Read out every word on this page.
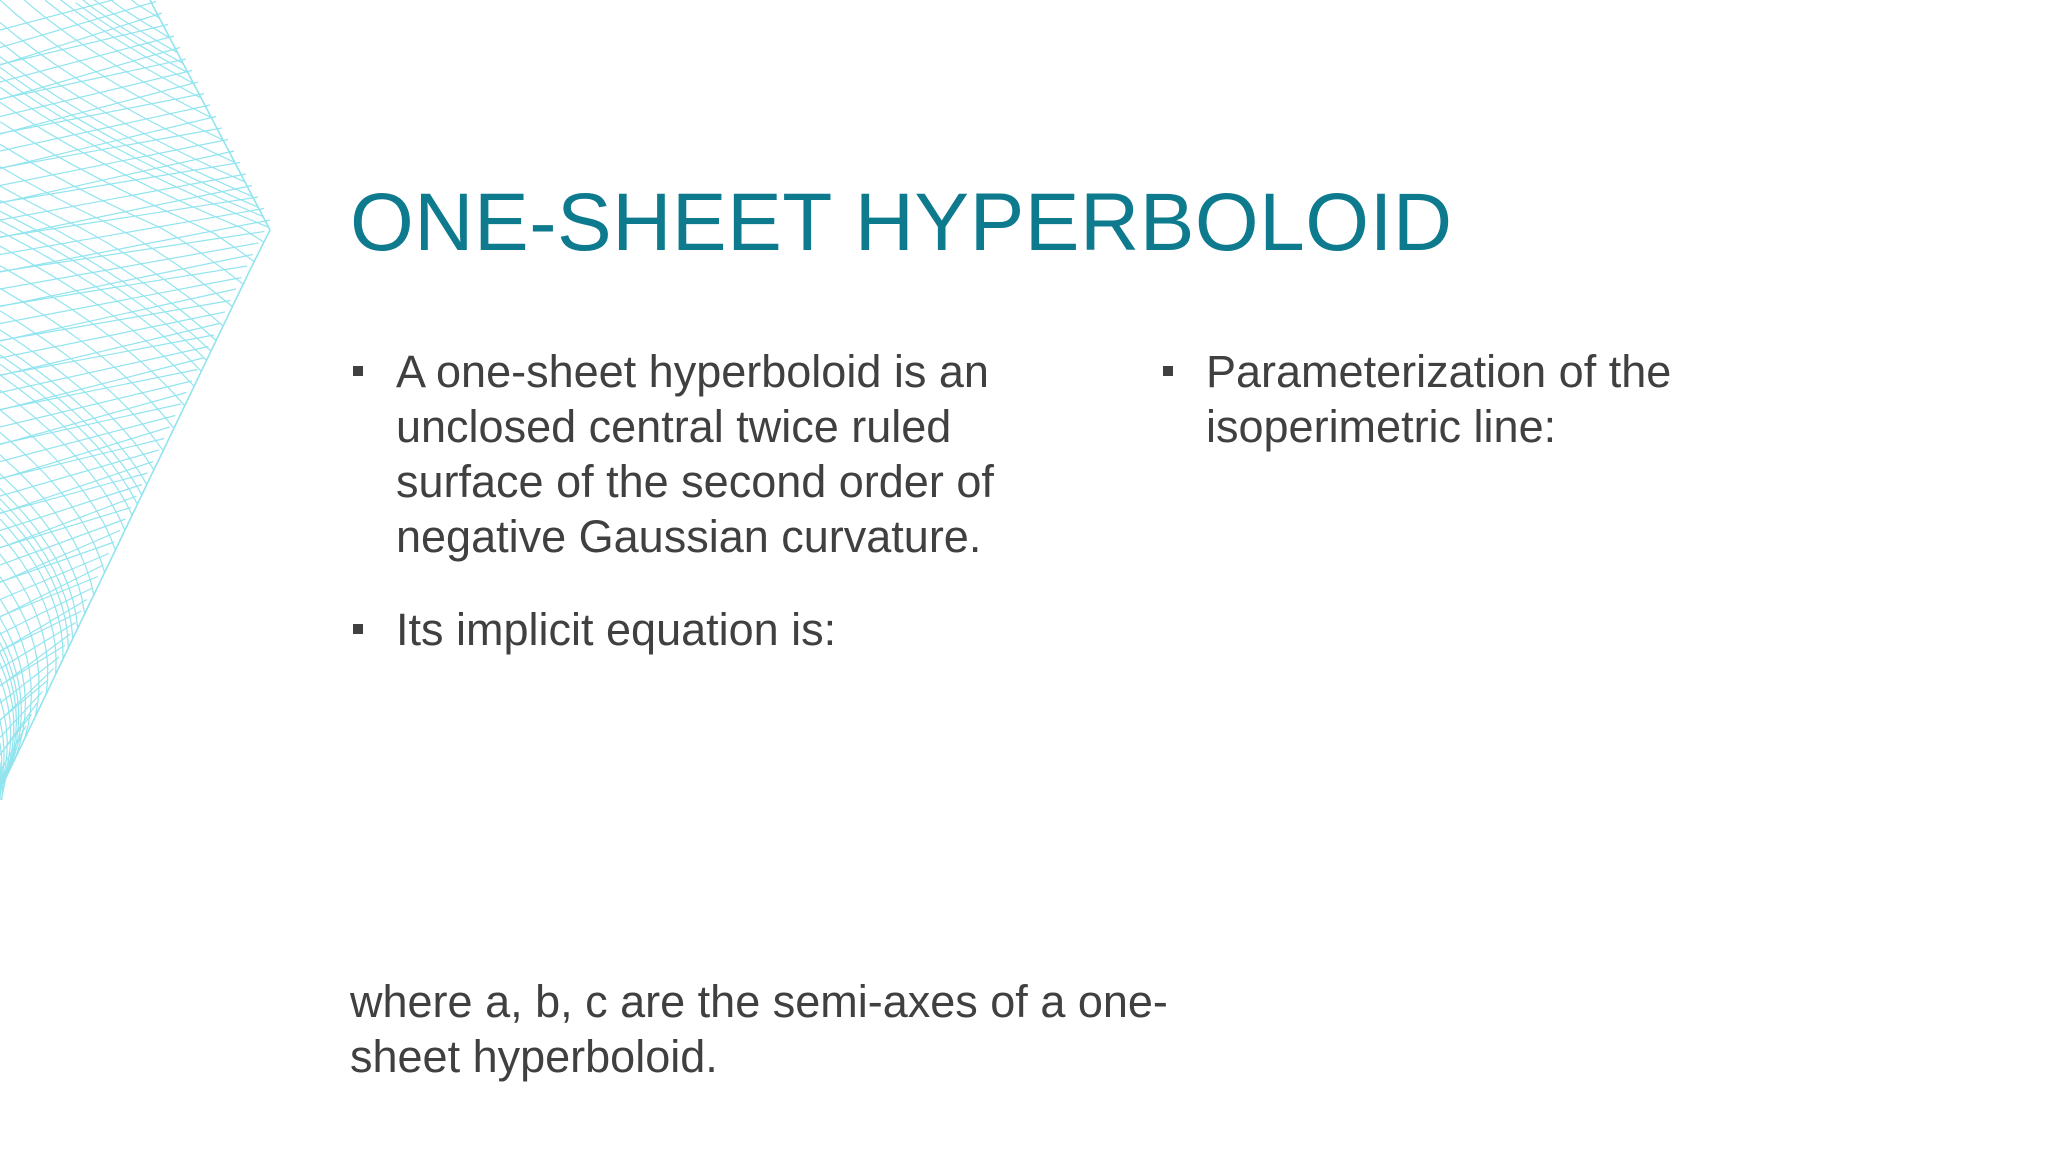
ONE-SHEET HYPERBOLOID
A one-sheet hyperboloid is an unclosed central twice ruled surface of the second order of negative Gaussian curvature.
Its implicit equation is:
Parameterization of the isoperimetric line:

where a, b, c are the semi-axes of a one-sheet hyperboloid.
